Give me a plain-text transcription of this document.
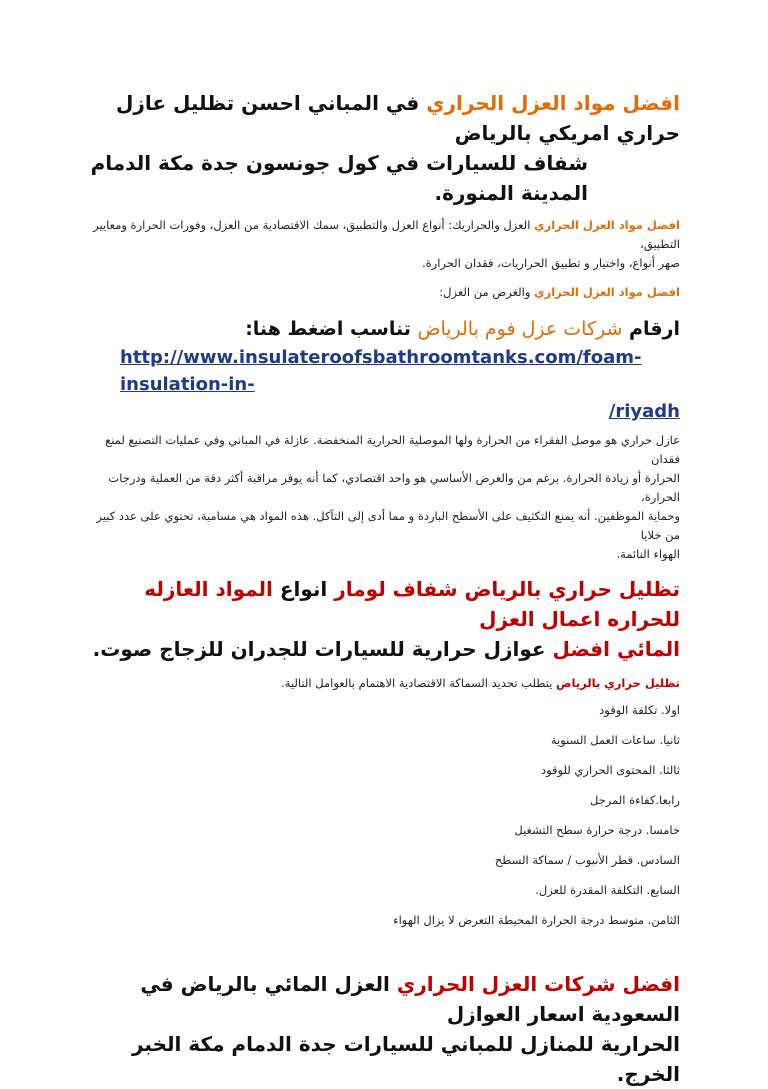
افضل مواد العزل الحراري في المباني احسن تظليل عازل حراري امريكي بالرياض

شفاف للسيارات في كول جونسون جدة مكة الدمام المدينة المنورة.

افضل مواد العزل الحراري العزل والحراريك: أنواع العزل والتطبيق، سمك الاقتصادية من العزل، وفورات الحرارة ومعايير التطبيق،

صهر أنواع، واختيار و تطبيق الحراريات، فقدان الحرارة.

افضل مواد العزل الحراري والغرض من العزل:

ارقام شركات عزل فوم بالرياض تناسب اضغط هنا:

http://www.insulateroofsbathroomtanks.com/foam-insulation-in-

/riyadh

عازل حراري هو موصل الفقراء من الحرارة ولها الموصلية الحرارية المنخفضة. عازلة في المباني وفي عمليات التصنيع لمنع فقدان

الحرارة أو زيادة الحرارة. برغم من والغرض الأساسي هو واحد اقتصادي، كما أنه يوفر مراقبة أكثر دقة من العملية ودرجات الحرارة،

وحماية الموظفين. أنه يمنع التكثيف على الأسطح الباردة و مما أدى إلى التآكل. هذه المواد هي مسامية، تحتوي على عدد كبير من خلايا

الهواء النائمة.

تظليل حراري بالرياض شفاف لومار انواع المواد العازله للحراره اعمال العزل

المائي افضل عوازل حرارية للسيارات للجدران للزجاج صوت.

تظليل حراري بالرياض يتطلب تحديد السماكة الاقتصادية الاهتمام بالعوامل التالية.

اولا. تكلفة الوقود

ثانيا. ساعات العمل السنوية

ثالثا. المحتوى الحراري للوقود

رابعا.كفاءة المرجل

خامسا. درجة حرارة سطح التشغيل

السادس. قطر الأنبوب / سماكة السطح

السابع. التكلفة المقدرة للعزل.

الثامن. متوسط درجة الحرارة المحيطة التعرض لا يزال الهواء

افضل شركات العزل الحراري العزل المائي بالرياض في السعودية اسعار العوازل

الحرارية للمنازل للمباني للسيارات جدة الدمام مكة الخبر الخرج.
